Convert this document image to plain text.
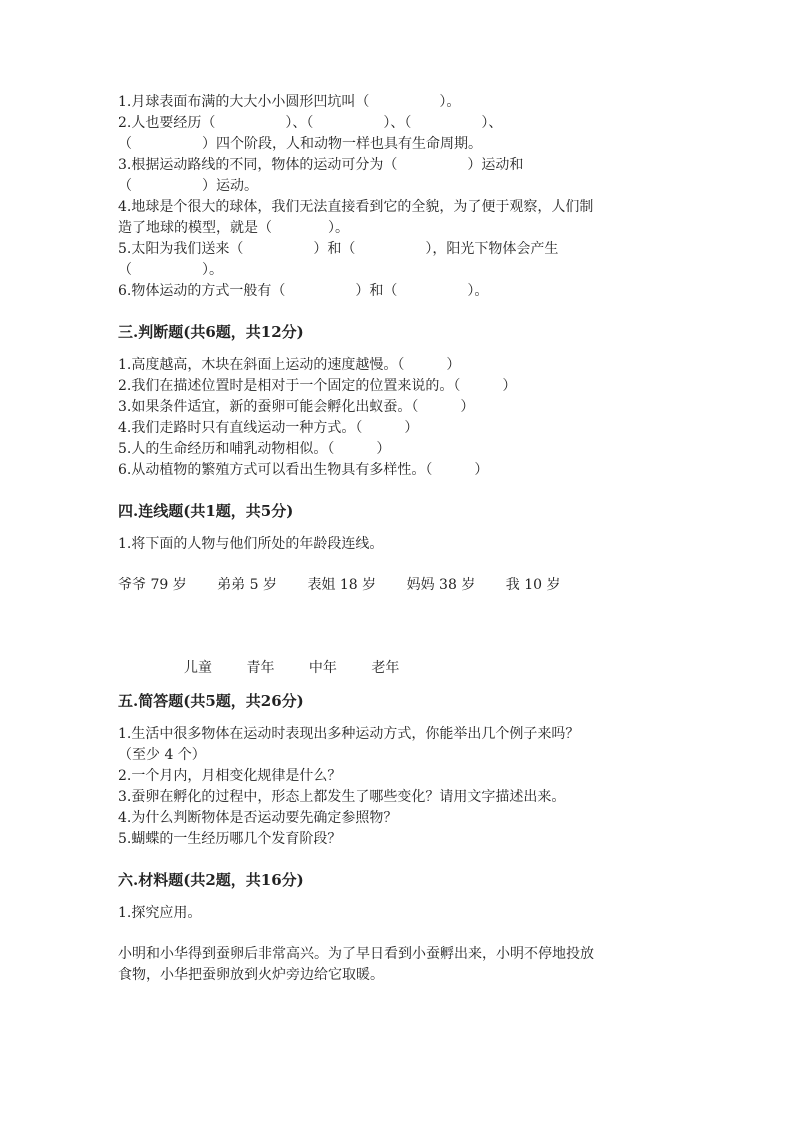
1.月球表面布满的大大小小圆形凹坑叫（　　　　　）。
2.人也要经历（　　　　　）、（　　　　　）、（　　　　　）、
（　　　　　）四个阶段，人和动物一样也具有生命周期。
3.根据运动路线的不同，物体的运动可分为（　　　　　）运动和
（　　　　　）运动。
4.地球是个很大的球体，我们无法直接看到它的全貌，为了便于观察，人们制
造了地球的模型，就是（　　　　）。
5.太阳为我们送来（　　　　　）和（　　　　　），阳光下物体会产生
（　　　　　）。
6.物体运动的方式一般有（　　　　　）和（　　　　　）。
三.判断题(共6题，共12分)
1.高度越高，木块在斜面上运动的速度越慢。（　　　）
2.我们在描述位置时是相对于一个固定的位置来说的。（　　　）
3.如果条件适宜，新的蚕卵可能会孵化出蚁蚕。（　　　）
4.我们走路时只有直线运动一种方式。（　　　）
5.人的生命经历和哺乳动物相似。（　　　）
6.从动植物的繁殖方式可以看出生物具有多样性。（　　　）
四.连线题(共1题，共5分)
1.将下面的人物与他们所处的年龄段连线。
爷爷 79 岁 弟弟 5 岁 表姐 18 岁 妈妈 38 岁 我 10 岁
儿童 青年 中年 老年
五.简答题(共5题，共26分)
1.生活中很多物体在运动时表现出多种运动方式，你能举出几个例子来吗？
（至少 4 个）
2.一个月内，月相变化规律是什么？
3.蚕卵在孵化的过程中，形态上都发生了哪些变化？请用文字描述出来。
4.为什么判断物体是否运动要先确定参照物？
5.蝴蝶的一生经历哪几个发育阶段？
六.材料题(共2题，共16分)
1.探究应用。
小明和小华得到蚕卵后非常高兴。为了早日看到小蚕孵出来，小明不停地投放
食物，小华把蚕卵放到火炉旁边给它取暖。
